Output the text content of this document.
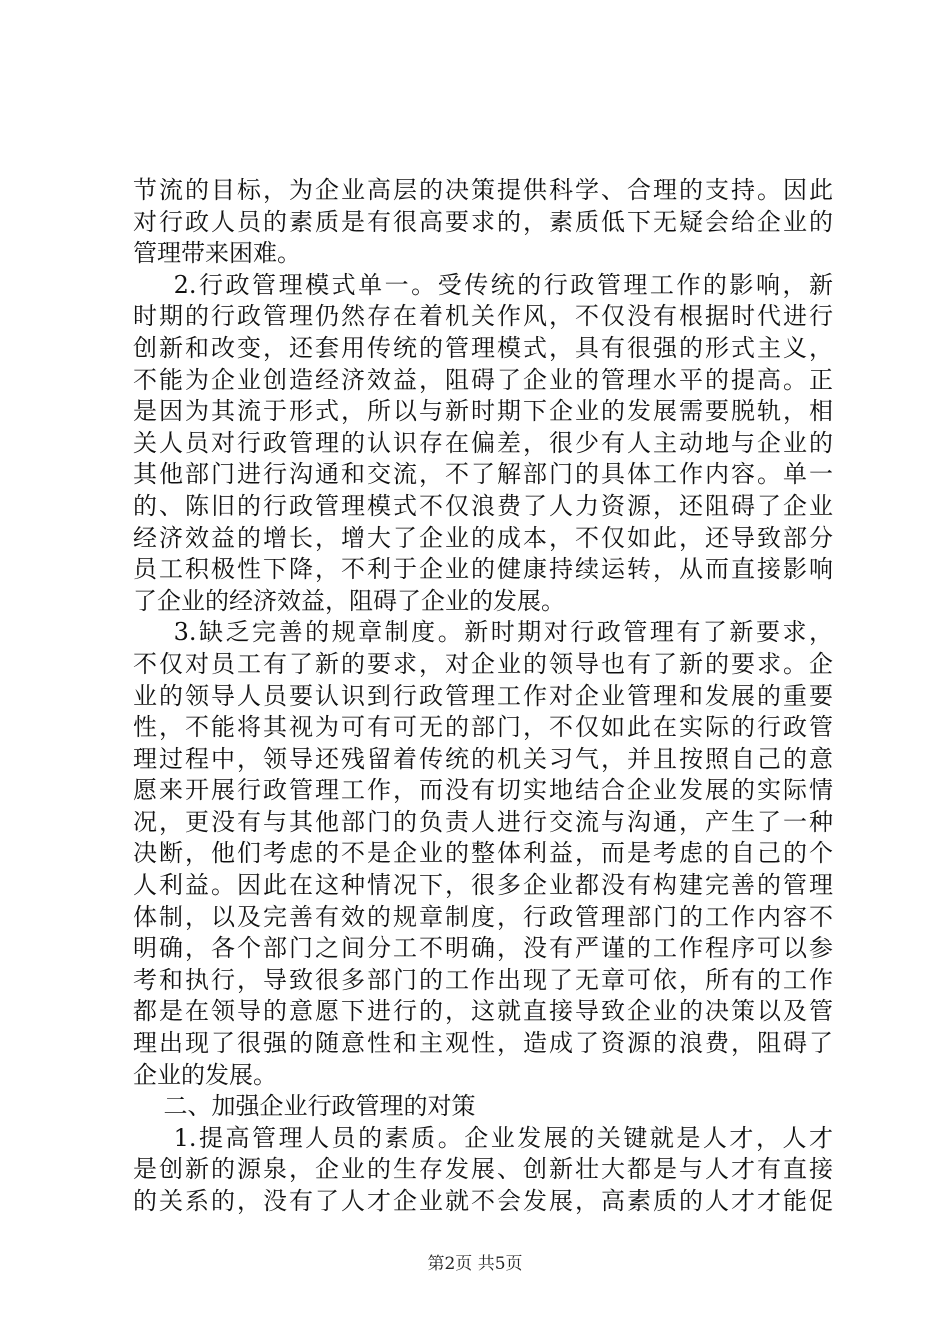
节流的目标，为企业高层的决策提供科学、合理的支持。因此
对行政人员的素质是有很高要求的，素质低下无疑会给企业的
管理带来困难。
2.行政管理模式单一。受传统的行政管理工作的影响，新
时期的行政管理仍然存在着机关作风，不仅没有根据时代进行
创新和改变，还套用传统的管理模式，具有很强的形式主义，
不能为企业创造经济效益，阻碍了企业的管理水平的提高。正
是因为其流于形式，所以与新时期下企业的发展需要脱轨，相
关人员对行政管理的认识存在偏差，很少有人主动地与企业的
其他部门进行沟通和交流，不了解部门的具体工作内容。单一
的、陈旧的行政管理模式不仅浪费了人力资源，还阻碍了企业
经济效益的增长，增大了企业的成本，不仅如此，还导致部分
员工积极性下降，不利于企业的健康持续运转，从而直接影响
了企业的经济效益，阻碍了企业的发展。
3.缺乏完善的规章制度。新时期对行政管理有了新要求，
不仅对员工有了新的要求，对企业的领导也有了新的要求。企
业的领导人员要认识到行政管理工作对企业管理和发展的重要
性，不能将其视为可有可无的部门，不仅如此在实际的行政管
理过程中，领导还残留着传统的机关习气，并且按照自己的意
愿来开展行政管理工作，而没有切实地结合企业发展的实际情
况，更没有与其他部门的负责人进行交流与沟通，产生了一种
决断，他们考虑的不是企业的整体利益，而是考虑的自己的个
人利益。因此在这种情况下，很多企业都没有构建完善的管理
体制，以及完善有效的规章制度，行政管理部门的工作内容不
明确，各个部门之间分工不明确，没有严谨的工作程序可以参
考和执行，导致很多部门的工作出现了无章可依，所有的工作
都是在领导的意愿下进行的，这就直接导致企业的决策以及管
理出现了很强的随意性和主观性，造成了资源的浪费，阻碍了
企业的发展。
二、加强企业行政管理的对策
1.提高管理人员的素质。企业发展的关键就是人才，人才
是创新的源泉，企业的生存发展、创新壮大都是与人才有直接
的关系的，没有了人才企业就不会发展，高素质的人才才能促
第2页 共5页
